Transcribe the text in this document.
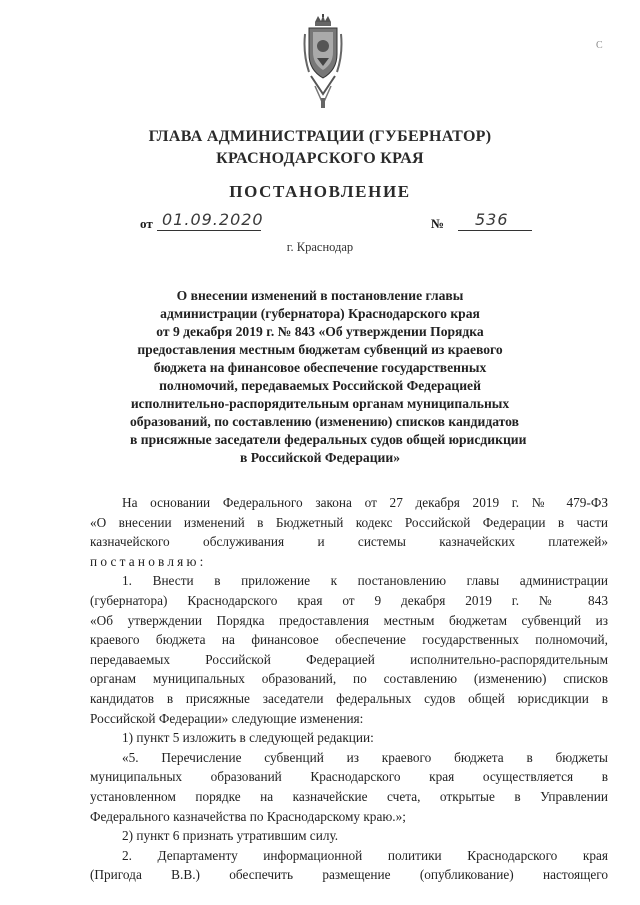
C
ГЛАВА АДМИНИСТРАЦИИ (ГУБЕРНАТОР)
КРАСНОДАРСКОГО КРАЯ
ПОСТАНОВЛЕНИЕ
от 01.09.2020	№ 536
г. Краснодар
О внесении изменений в постановление главы
администрации (губернатора) Краснодарского края
от 9 декабря 2019 г. № 843 «Об утверждении Порядка
предоставления местным бюджетам субвенций из краевого
бюджета на финансовое обеспечение государственных
полномочий, передаваемых Российской Федерацией
исполнительно-распорядительным органам муниципальных
образований, по составлению (изменению) списков кандидатов
в присяжные заседатели федеральных судов общей юрисдикции
в Российской Федерации»
На основании Федерального закона от 27 декабря 2019 г. № 479-ФЗ
«О внесении изменений в Бюджетный кодекс Российской Федерации в части
казначейского обслуживания и системы казначейских платежей»
постановляю:
1. Внести в приложение к постановлению главы администрации
(губернатора) Краснодарского края от 9 декабря 2019 г. № 843
«Об утверждении Порядка предоставления местным бюджетам субвенций из
краевого бюджета на финансовое обеспечение государственных полномочий,
передаваемых Российской Федерацией исполнительно-распорядительным
органам муниципальных образований, по составлению (изменению) списков
кандидатов в присяжные заседатели федеральных судов общей юрисдикции в
Российской Федерации» следующие изменения:
1) пункт 5 изложить в следующей редакции:
«5. Перечисление субвенций из краевого бюджета в бюджеты
муниципальных образований Краснодарского края осуществляется в
установленном порядке на казначейские счета, открытые в Управлении
Федерального казначейства по Краснодарскому краю.»;
2) пункт 6 признать утратившим силу.
2. Департаменту информационной политики Краснодарского края
(Пригода В.В.) обеспечить размещение (опубликование) настоящего
